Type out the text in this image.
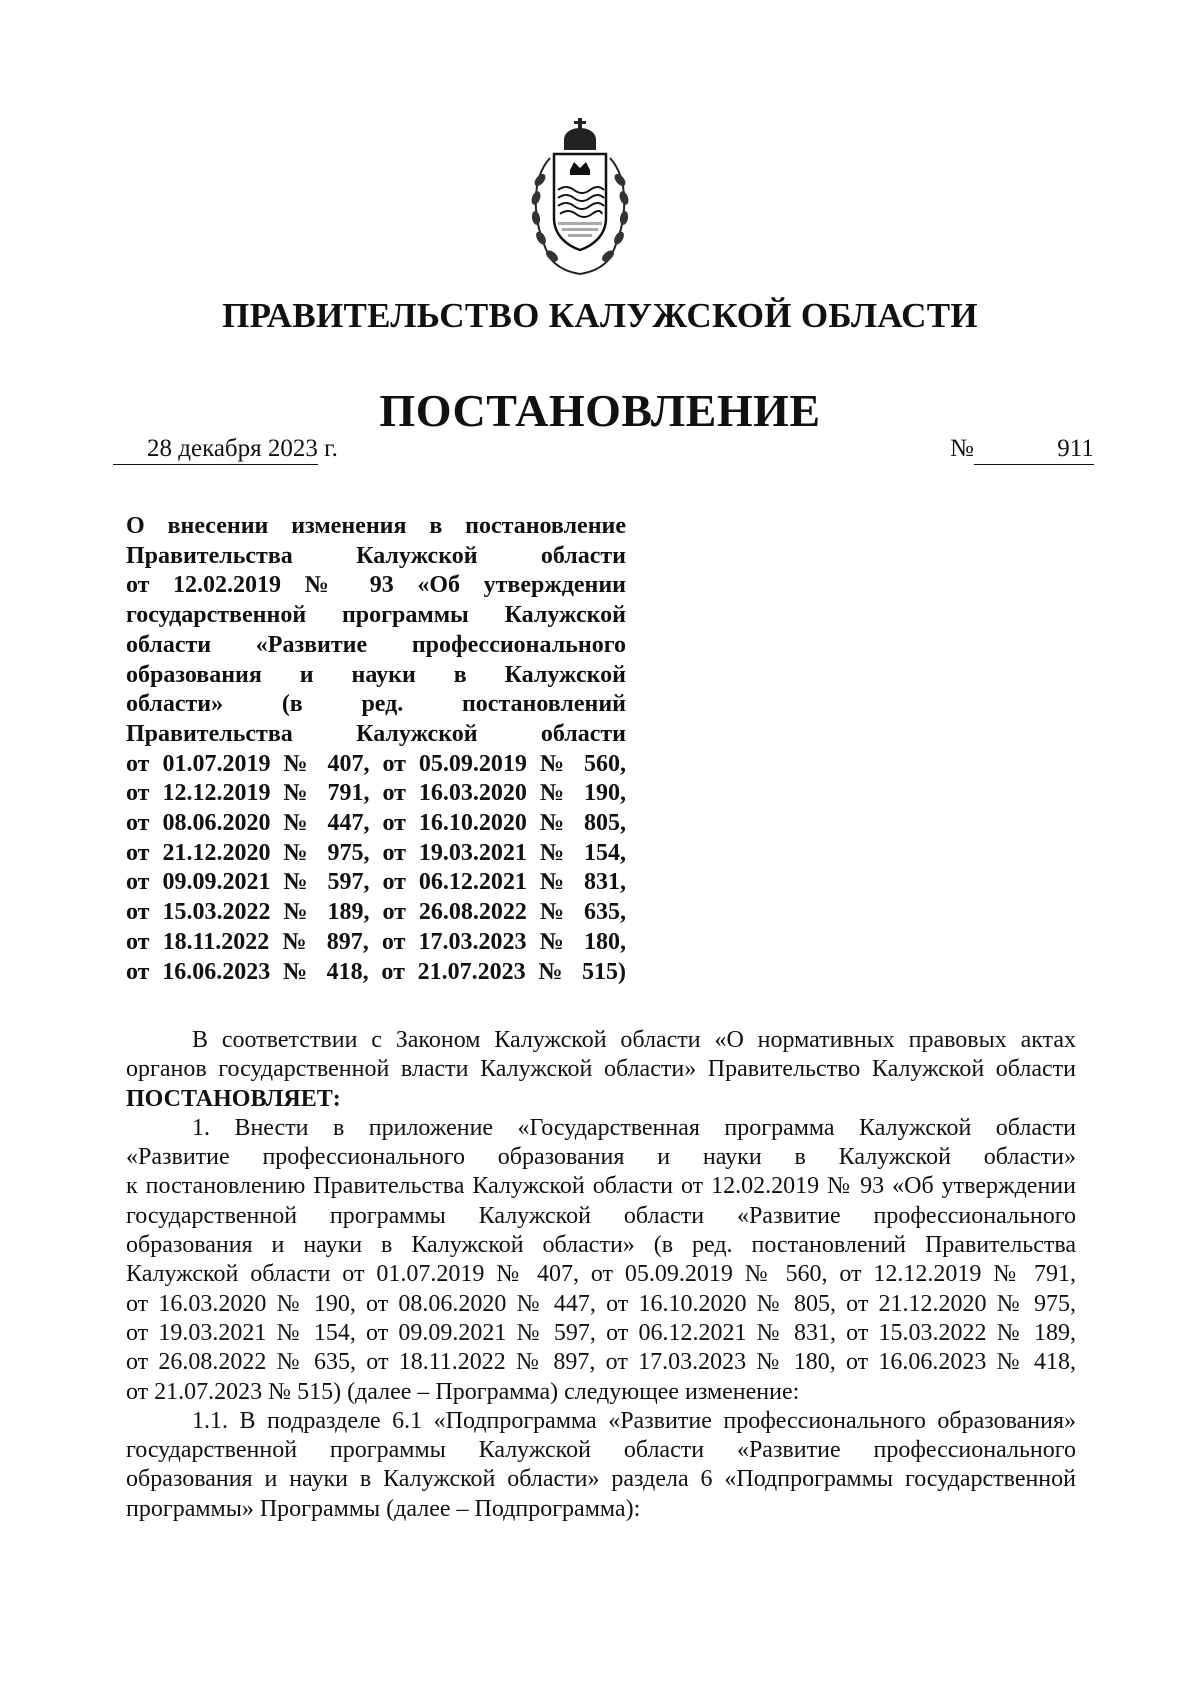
ПРАВИТЕЛЬСТВО КАЛУЖСКОЙ ОБЛАСТИ
ПОСТАНОВЛЕНИЕ
28 декабря 2023 г.	№	911
О внесении изменения в постановление
Правительства Калужской области
от 12.02.2019 № 93 «Об утверждении
государственной программы Калужской
области «Развитие профессионального
образования и науки в Калужской
области» (в ред. постановлений
Правительства Калужской области
от 01.07.2019 № 407, от 05.09.2019 № 560,
от 12.12.2019 № 791, от 16.03.2020 № 190,
от 08.06.2020 № 447, от 16.10.2020 № 805,
от 21.12.2020 № 975, от 19.03.2021 № 154,
от 09.09.2021 № 597, от 06.12.2021 № 831,
от 15.03.2022 № 189, от 26.08.2022 № 635,
от 18.11.2022 № 897, от 17.03.2023 № 180,
от 16.06.2023 № 418, от 21.07.2023 № 515)
В соответствии с Законом Калужской области «О нормативных правовых актах
органов государственной власти Калужской области» Правительство Калужской области
ПОСТАНОВЛЯЕТ:
1. Внести в приложение «Государственная программа Калужской области
«Развитие профессионального образования и науки в Калужской области»
к постановлению Правительства Калужской области от 12.02.2019 № 93 «Об утверждении
государственной программы Калужской области «Развитие профессионального
образования и науки в Калужской области» (в ред. постановлений Правительства
Калужской области от 01.07.2019 № 407, от 05.09.2019 № 560, от 12.12.2019 № 791,
от 16.03.2020 № 190, от 08.06.2020 № 447, от 16.10.2020 № 805, от 21.12.2020 № 975,
от 19.03.2021 № 154, от 09.09.2021 № 597, от 06.12.2021 № 831, от 15.03.2022 № 189,
от 26.08.2022 № 635, от 18.11.2022 № 897, от 17.03.2023 № 180, от 16.06.2023 № 418,
от 21.07.2023 № 515) (далее – Программа) следующее изменение:
1.1. В подразделе 6.1 «Подпрограмма «Развитие профессионального образования»
государственной программы Калужской области «Развитие профессионального
образования и науки в Калужской области» раздела 6 «Подпрограммы государственной
программы» Программы (далее – Подпрограмма):
